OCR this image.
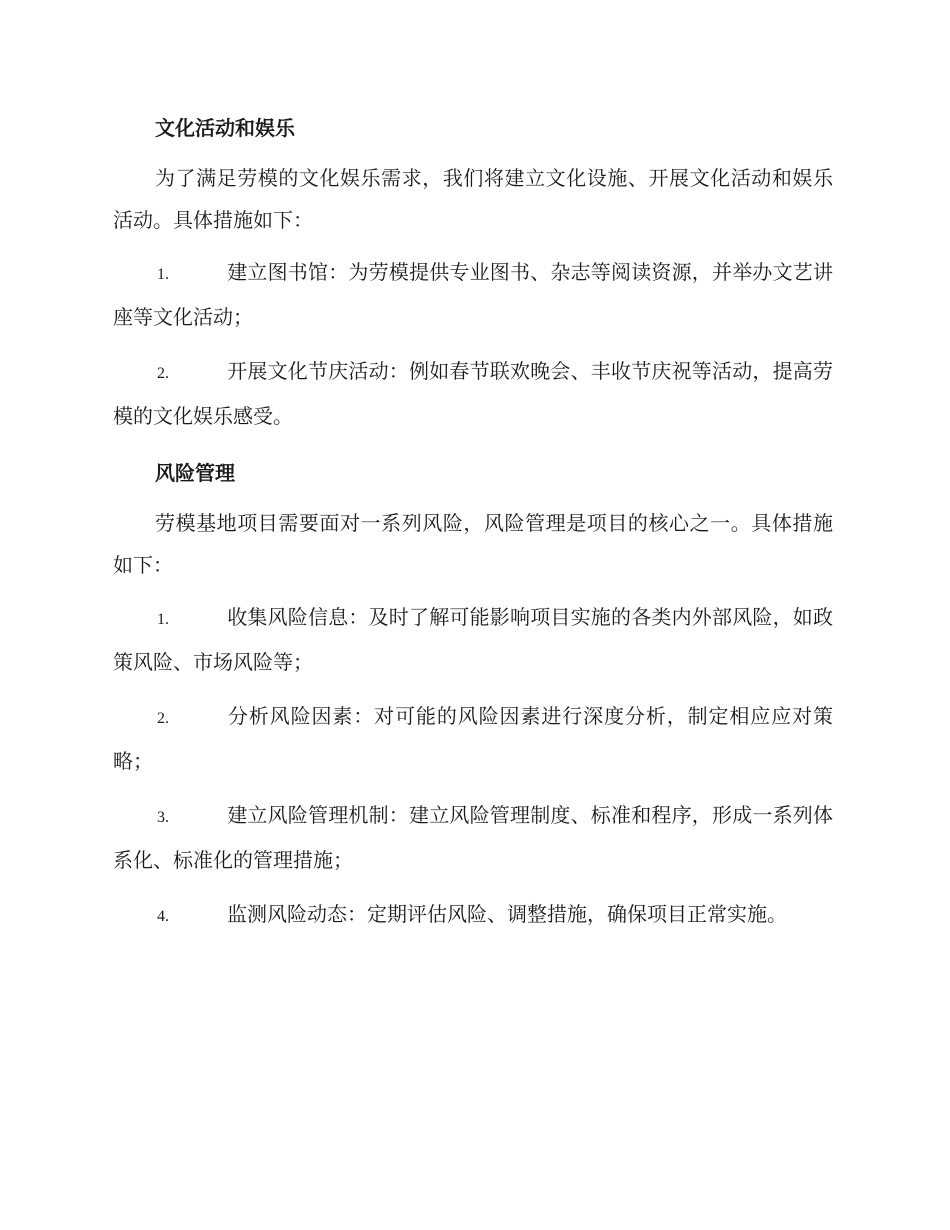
文化活动和娱乐
为了满足劳模的文化娱乐需求，我们将建立文化设施、开展文化活动和娱乐活动。具体措施如下：
1.	建立图书馆：为劳模提供专业图书、杂志等阅读资源，并举办文艺讲座等文化活动；
2.	开展文化节庆活动：例如春节联欢晚会、丰收节庆祝等活动，提高劳模的文化娱乐感受。
风险管理
劳模基地项目需要面对一系列风险，风险管理是项目的核心之一。具体措施如下：
1.	收集风险信息：及时了解可能影响项目实施的各类内外部风险，如政策风险、市场风险等；
2.	分析风险因素：对可能的风险因素进行深度分析，制定相应应对策略；
3.	建立风险管理机制：建立风险管理制度、标准和程序，形成一系列体系化、标准化的管理措施；
4.	监测风险动态：定期评估风险、调整措施，确保项目正常实施。
